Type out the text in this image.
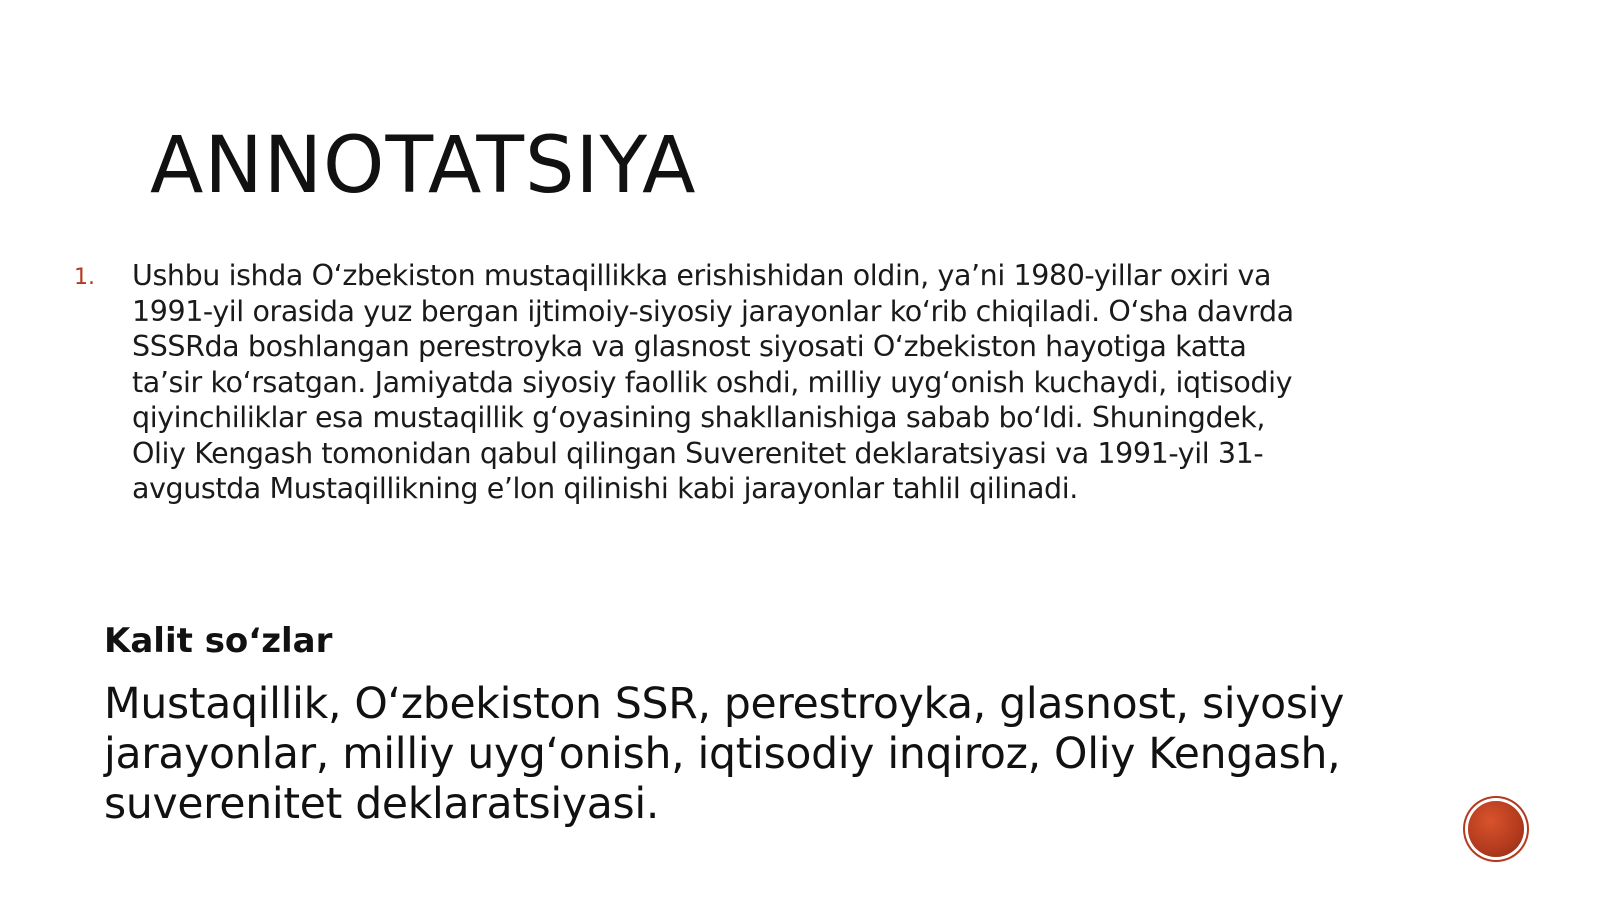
ANNOTATSIYA
1.	Ushbu ishda O‘zbekiston mustaqillikka erishishidan oldin, ya’ni 1980-yillar oxiri va 1991-yil orasida yuz bergan ijtimoiy-siyosiy jarayonlar ko‘rib chiqiladi. O‘sha davrda SSSRda boshlangan perestroyka va glasnost siyosati O‘zbekiston hayotiga katta ta’sir ko‘rsatgan. Jamiyatda siyosiy faollik oshdi, milliy uyg‘onish kuchaydi, iqtisodiy qiyinchiliklar esa mustaqillik g‘oyasining shakllanishiga sabab bo‘ldi. Shuningdek, Oliy Kengash tomonidan qabul qilingan Suverenitet deklaratsiyasi va 1991-yil 31-avgustda Mustaqillikning e’lon qilinishi kabi jarayonlar tahlil qilinadi.
Kalit so‘zlar

Mustaqillik, O‘zbekiston SSR, perestroyka, glasnost, siyosiy jarayonlar, milliy uyg‘onish, iqtisodiy inqiroz, Oliy Kengash, suverenitet deklaratsiyasi.
